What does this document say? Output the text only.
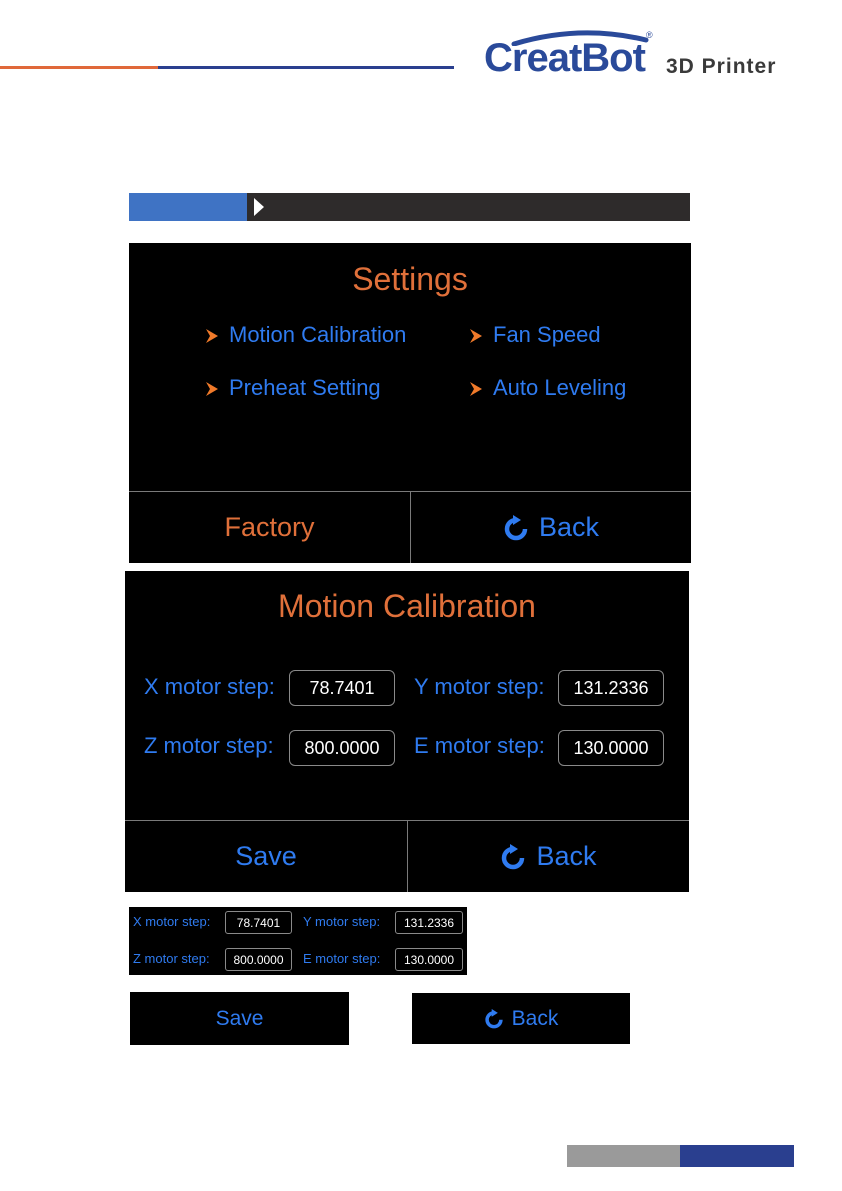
CreatBot
®
3D Printer
Settings
Motion Calibration	Fan Speed
Preheat Setting	Auto Leveling
Factory	Back
Motion Calibration
X motor step:	78.7401	Y motor step:	131.2336
Z motor step:	800.0000	E motor step:	130.0000
Save	Back
X motor step:	78.7401	Y motor step:	131.2336
Z motor step:	800.0000	E motor step:	130.0000
Save	Back
